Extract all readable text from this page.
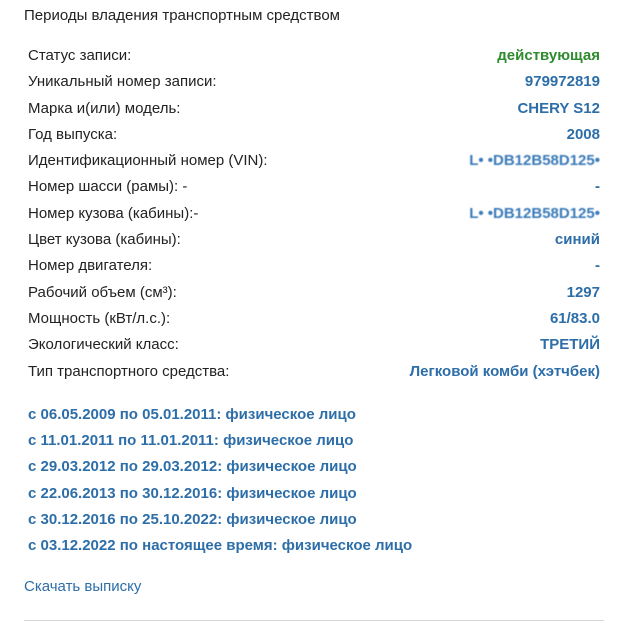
Периоды владения транспортным средством
Статус записи:	действующая
Уникальный номер записи:	979972819
Марка и(или) модель:	CHERY S12
Год выпуска:	2008
Идентификационный номер (VIN):	L• •DB12B58D125•
Номер шасси (рамы): -	-
Номер кузова (кабины):-	L• •DB12B58D125•
Цвет кузова (кабины):	синий
Номер двигателя:	-
Рабочий объем (см³):	1297
Мощность (кВт/л.с.):	61/83.0
Экологический класс:	ТРЕТИЙ
Тип транспортного средства:	Легковой комби (хэтчбек)
с 06.05.2009 по 05.01.2011: физическое лицо
с 11.01.2011 по 11.01.2011: физическое лицо
с 29.03.2012 по 29.03.2012: физическое лицо
с 22.06.2013 по 30.12.2016: физическое лицо
с 30.12.2016 по 25.10.2022: физическое лицо
с 03.12.2022 по настоящее время: физическое лицо
Скачать выписку
